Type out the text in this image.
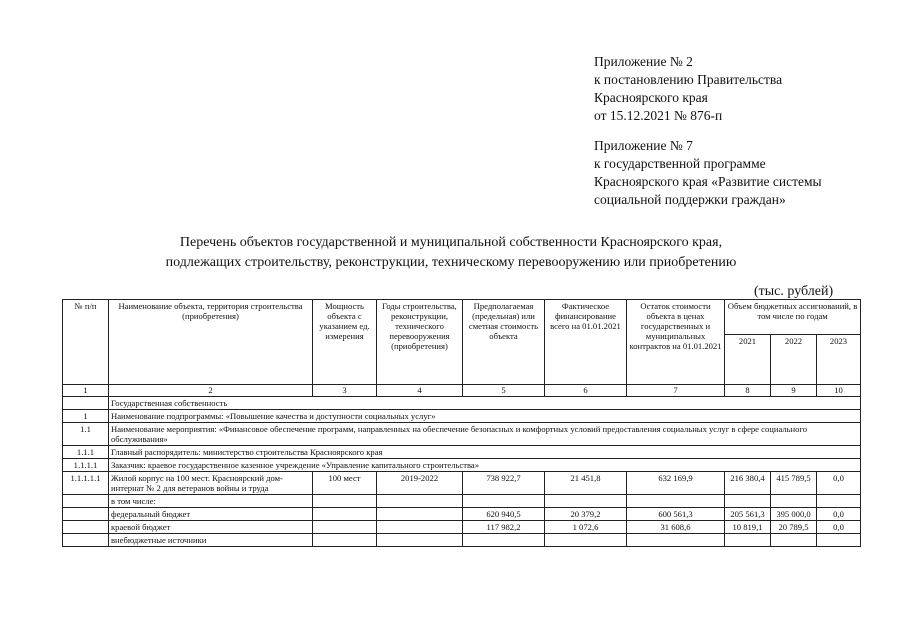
Приложение № 2
к постановлению Правительства
Красноярского края
от 15.12.2021 № 876-п
Приложение № 7
к государственной программе
Красноярского края «Развитие системы
социальной поддержки граждан»
Перечень объектов государственной и муниципальной собственности Красноярского края,
подлежащих строительству, реконструкции, техническому перевооружению или приобретению
(тыс. рублей)
№ п/п	Наименование объекта, территория строительства (приобретения)	Мощность объекта с указанием ед. измерения	Годы строительства, реконструкции, технического перевооружения (приобретения)	Предполагаемая (предельная) или сметная стоимость объекта	Фактическое финансирование всего на 01.01.2021	Остаток стоимости объекта в ценах государственных и муниципальных контрактов на 01.01.2021	Объем бюджетных ассигнований, в том числе по годам		
							2021	2022	2023
1	2	3	4	5	6	7	8	9	10
	Государственная собственность								
1	Наименование подпрограммы: «Повышение качества и доступности социальных услуг»								
1.1	Наименование мероприятия: «Финансовое обеспечение программ, направленных на обеспечение безопасных и комфортных условий предоставления социальных услуг в сфере социального обслуживания»								
1.1.1	Главный распорядитель: министерство строительства Красноярского края								
1.1.1.1	Заказчик: краевое государственное казенное учреждение «Управление капитального строительства»								
1.1.1.1.1	Жилой корпус на 100 мест. Красноярский дом-интернат № 2 для ветеранов войны и труда	100 мест	2019-2022	738 922,7	21 451,8	632 169,9	216 380,4	415 789,5	0,0
	в том числе:								
	федеральный бюджет			620 940,5	20 379,2	600 561,3	205 561,3	395 000,0	0,0
	краевой бюджет			117 982,2	1 072,6	31 608,6	10 819,1	20 789,5	0,0
	внебюджетные источники								
